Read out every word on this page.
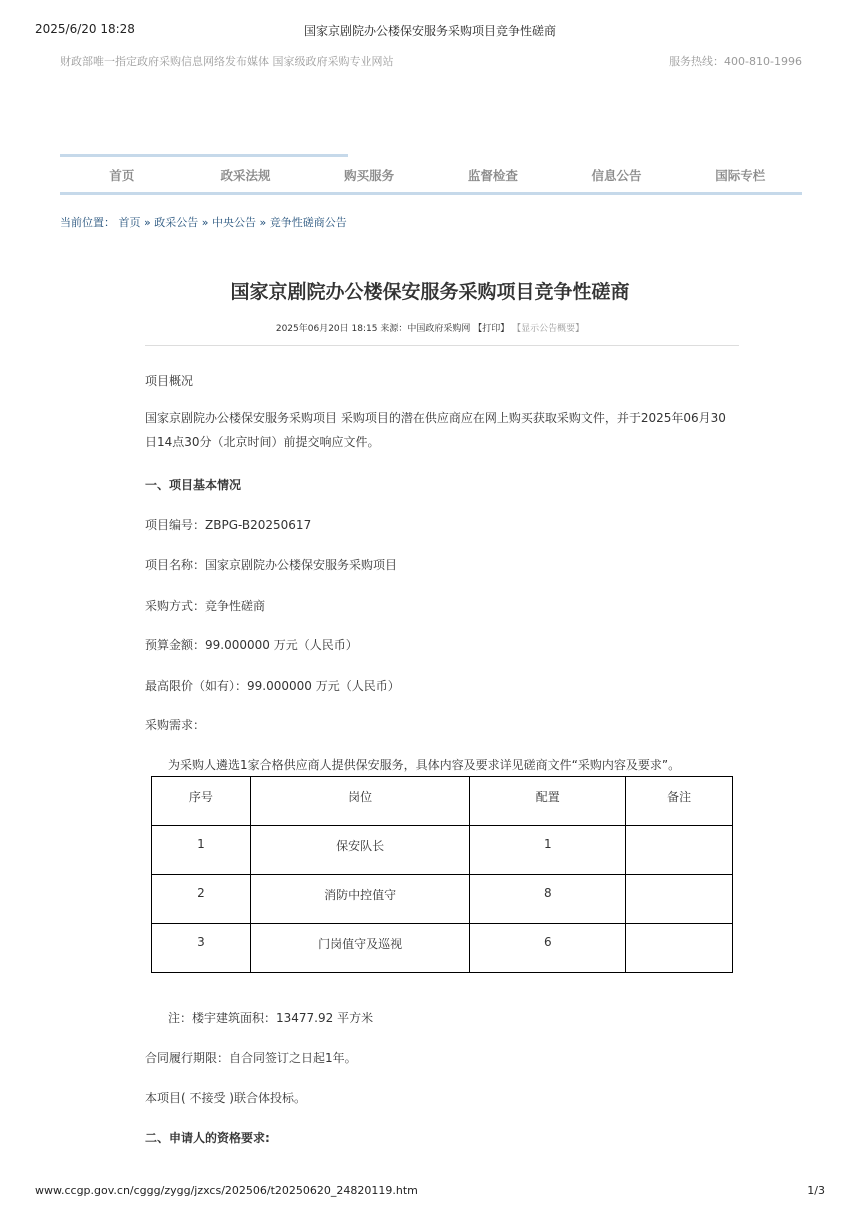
2025/6/20 18:28	国家京剧院办公楼保安服务采购项目竞争性磋商
财政部唯一指定政府采购信息网络发布媒体 国家级政府采购专业网站	服务热线：400-810-1996
首页	政采法规	购买服务	监督检查	信息公告	国际专栏
当前位置： 首页 » 政采公告 » 中央公告 » 竞争性磋商公告
国家京剧院办公楼保安服务采购项目竞争性磋商
2025年06月20日 18:15 来源：中国政府采购网 【打印】 【显示公告概要】
项目概况
国家京剧院办公楼保安服务采购项目 采购项目的潜在供应商应在网上购买获取采购文件，并于2025年06月30日14点30分（北京时间）前提交响应文件。
一、项目基本情况
项目编号：ZBPG-B20250617
项目名称：国家京剧院办公楼保安服务采购项目
采购方式：竞争性磋商
预算金额：99.000000 万元（人民币）
最高限价（如有）：99.000000 万元（人民币）
采购需求：
为采购人遴选1家合格供应商人提供保安服务，具体内容及要求详见磋商文件“采购内容及要求”。
序号	岗位	配置	备注
1	保安队长	1	
2	消防中控值守	8	
3	门岗值守及巡视	6	
注：楼宇建筑面积：13477.92 平方米
合同履行期限：自合同签订之日起1年。
本项目( 不接受 )联合体投标。
二、申请人的资格要求:
www.ccgp.gov.cn/cggg/zygg/jzxcs/202506/t20250620_24820119.htm	1/3
